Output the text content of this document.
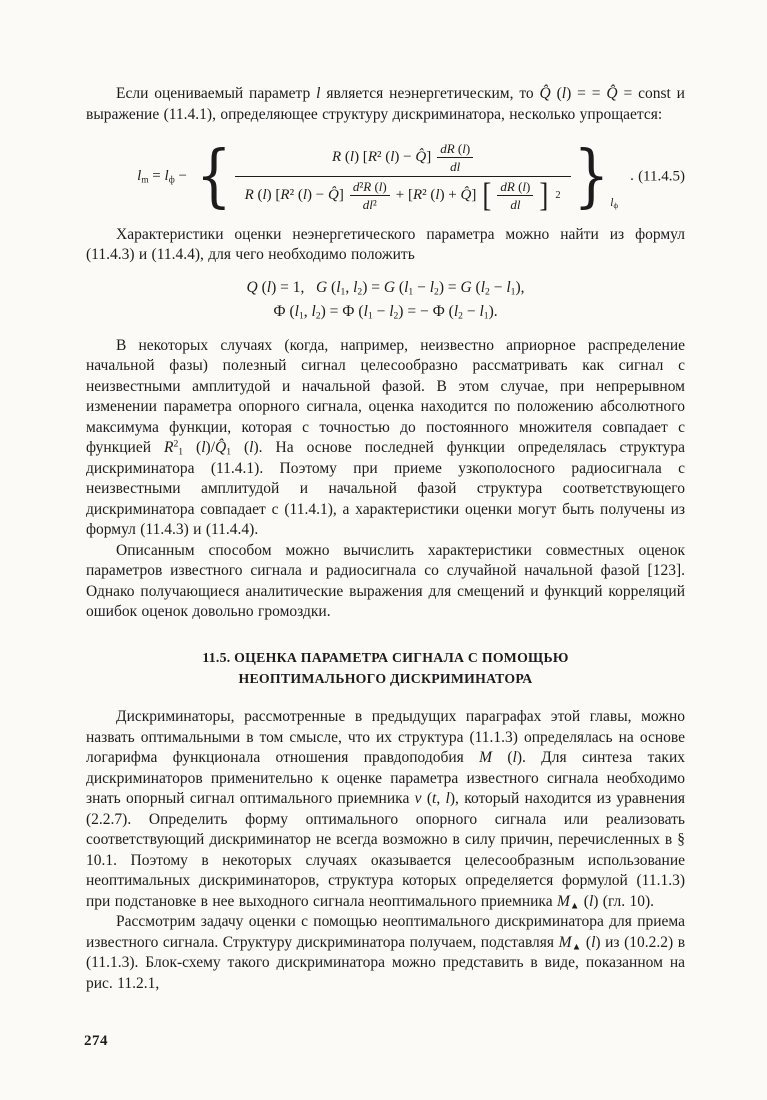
Если оцениваемый параметр l является неэнергетическим, то Q̂ (l) = = Q̂ = const и выражение (11.4.1), определяющее структуру дискриминатора, несколько упрощается:

$l_m = l_ф$ − {	R (l) [R² (l) − Q̂] $\frac{dR (l)}{dl}$
R (l) [R² (l) − Q̂] $\frac{\text{d²R (l)}}{\text{dl²}} + [R^2$ (l) + Q̂] [ $\frac{dR (l)}{dl}$ ] 2 } $l_ф$
. (11.4.5)

Характеристики оценки неэнергетического параметра можно найти из формул (11.4.3) и (11.4.4), для чего необходимо положить

Q (l) = 1,   G ($l_1$, $l_2) = G$ $(l_1 - l_2) = G$ $(l_2 - l_1)$,
Ф ($l_1$, $l_2) = Ф$ $(l_1 - l_2)$ = − Ф $(l_2 - l_1)$.

В некоторых случаях (когда, например, неизвестно априорное распределение начальной фазы) полезный сигнал целесообразно рассматривать как сигнал с неизвестными амплитудой и начальной фазой. В этом случае, при непрерывном изменении параметра опорного сигнала, оценка находится по положению абсолютного максимума функции, которая с точностью до постоянного множителя совпадает с функцией $R^2_1$ $(l)/Q̂_1$ (l). На основе последней функции определялась структура дискриминатора (11.4.1). Поэтому при приеме узкополосного радиосигнала с неизвестными амплитудой и начальной фазой структура соответствующего дискриминатора совпадает с (11.4.1), а характеристики оценки могут быть получены из формул (11.4.3) и (11.4.4).

Описанным способом можно вычислить характеристики совместных оценок параметров известного сигнала и радиосигнала со случайной начальной фазой [123]. Однако получающиеся аналитические выражения для смещений и функций корреляций ошибок оценок довольно громоздки.

11.5. ОЦЕНКА ПАРАМЕТРА СИГНАЛА С ПОМОЩЬЮ
НЕОПТИМАЛЬНОГО ДИСКРИМИНАТОРА

Дискриминаторы, рассмотренные в предыдущих параграфах этой главы, можно назвать оптимальными в том смысле, что их структура (11.1.3) определялась на основе логарифма функционала отношения правдоподобия M (l). Для синтеза таких дискриминаторов применительно к оценке параметра известного сигнала необходимо знать опорный сигнал оптимального приемника v (t, l), который находится из уравнения (2.2.7). Определить форму оптимального опорного сигнала или реализовать соответствующий дискриминатор не всегда возможно в силу причин, перечисленных в § 10.1. Поэтому в некоторых случаях оказывается целесообразным использование неоптимальных дискриминаторов, структура которых определяется формулой (11.1.3) при подстановке в нее выходного сигнала неоптимального приемника $M_▲$ (l) (гл. 10).

Рассмотрим задачу оценки с помощью неоптимального дискриминатора для приема известного сигнала. Структуру дискриминатора получаем, подставляя $M_▲$ (l) из (10.2.2) в (11.1.3). Блок-схему такого дискриминатора можно представить в виде, показанном на рис. 11.2.1,

274
